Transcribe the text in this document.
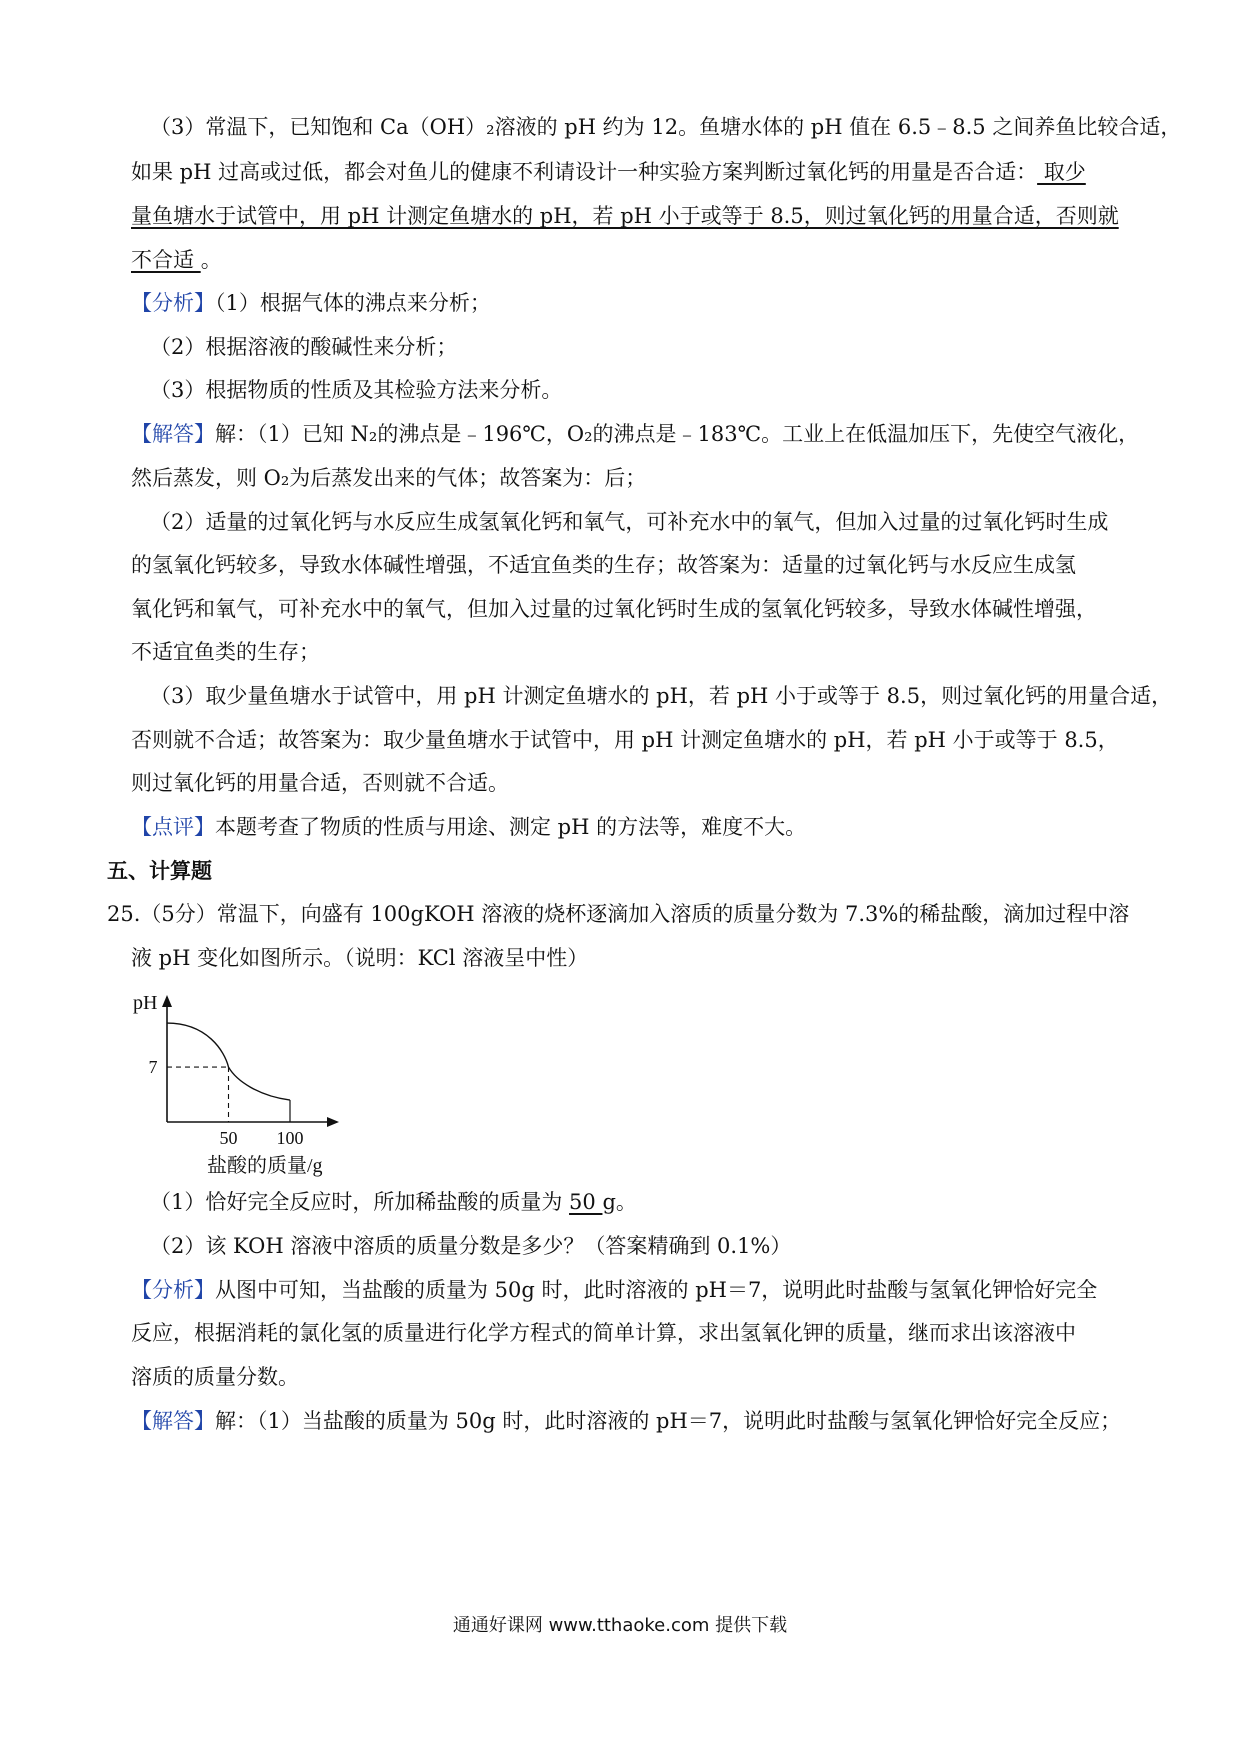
（3）常温下，已知饱和 Ca（OH）₂溶液的 pH 约为 12。鱼塘水体的 pH 值在 6.5﹣8.5 之间养鱼比较合适，
如果 pH 过高或过低，都会对鱼儿的健康不利请设计一种实验方案判断过氧化钙的用量是否合适： 取少
量鱼塘水于试管中，用 pH 计测定鱼塘水的 pH，若 pH 小于或等于 8.5，则过氧化钙的用量合适，否则就
不合适 。
【分析】（1）根据气体的沸点来分析；
（2）根据溶液的酸碱性来分析；
（3）根据物质的性质及其检验方法来分析。
【解答】解：（1）已知 N₂的沸点是﹣196℃，O₂的沸点是﹣183℃。工业上在低温加压下，先使空气液化，
然后蒸发，则 O₂为后蒸发出来的气体；故答案为：后；
（2）适量的过氧化钙与水反应生成氢氧化钙和氧气，可补充水中的氧气，但加入过量的过氧化钙时生成
的氢氧化钙较多，导致水体碱性增强，不适宜鱼类的生存；故答案为：适量的过氧化钙与水反应生成氢
氧化钙和氧气，可补充水中的氧气，但加入过量的过氧化钙时生成的氢氧化钙较多，导致水体碱性增强，
不适宜鱼类的生存；
（3）取少量鱼塘水于试管中，用 pH 计测定鱼塘水的 pH，若 pH 小于或等于 8.5，则过氧化钙的用量合适，
否则就不合适；故答案为：取少量鱼塘水于试管中，用 pH 计测定鱼塘水的 pH，若 pH 小于或等于 8.5，
则过氧化钙的用量合适，否则就不合适。
【点评】本题考查了物质的性质与用途、测定 pH 的方法等，难度不大。
五、计算题
25.（5分）常温下，向盛有 100gKOH 溶液的烧杯逐滴加入溶质的质量分数为 7.3%的稀盐酸，滴加过程中溶
液 pH 变化如图所示。（说明：KCl 溶液呈中性）
pH
7
50 100
盐酸的质量/g
（1）恰好完全反应时，所加稀盐酸的质量为 50 g。
（2）该 KOH 溶液中溶质的质量分数是多少？（答案精确到 0.1%）
【分析】从图中可知，当盐酸的质量为 50g 时，此时溶液的 pH＝7，说明此时盐酸与氢氧化钾恰好完全
反应，根据消耗的氯化氢的质量进行化学方程式的简单计算，求出氢氧化钾的质量，继而求出该溶液中
溶质的质量分数。
【解答】解：（1）当盐酸的质量为 50g 时，此时溶液的 pH＝7，说明此时盐酸与氢氧化钾恰好完全反应；
通通好课网 www.tthaoke.com 提供下载
